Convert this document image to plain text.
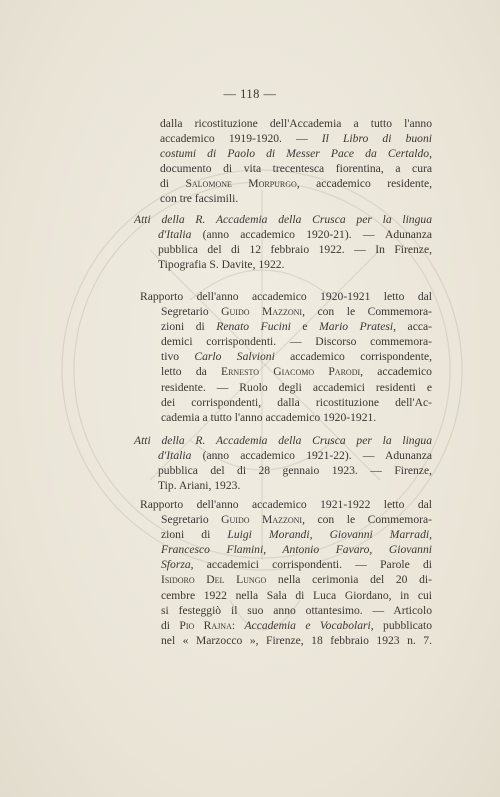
— 118 —
dalla ricostituzione dell'Accademia a tutto l'anno
accademico 1919-1920. — Il Libro di buoni
costumi di Paolo di Messer Pace da Certaldo,
documento di vita trecentesca fiorentina, a cura
di Salomone Morpurgo, accademico residente,
con tre facsimili.
Atti della R. Accademia della Crusca per la lingua
d'Italia (anno accademico 1920-21). — Adunanza
pubblica del di 12 febbraio 1922. — In Firenze,
Tipografia S. Davite, 1922.
Rapporto dell'anno accademico 1920-1921 letto dal
Segretario Guido Mazzoni, con le Commemora-
zioni di Renato Fucini e Mario Pratesi, acca-
demici corrispondenti. — Discorso commemora-
tivo Carlo Salvioni accademico corrispondente,
letto da Ernesto Giacomo Parodi, accademico
residente. — Ruolo degli accademici residenti e
dei corrispondenti, dalla ricostituzione dell'Ac-
cademia a tutto l'anno accademico 1920-1921.
Atti della R. Accademia della Crusca per la lingua
d'Italia (anno accademico 1921-22). — Adunanza
pubblica del di 28 gennaio 1923. — Firenze,
Tip. Ariani, 1923.
Rapporto dell'anno accademico 1921-1922 letto dal
Segretario Guido Mazzoni, con le Commemora-
zioni di Luigi Morandi, Giovanni Marradi,
Francesco Flamini, Antonio Favaro, Giovanni
Sforza, accademici corrispondenti. — Parole di
Isidoro Del Lungo nella cerimonia del 20 di-
cembre 1922 nella Sala di Luca Giordano, in cui
si festeggiò il suo anno ottantesimo. — Articolo
di Pio Rajna: Accademia e Vocabolari, pubblicato
nel « Marzocco », Firenze, 18 febbraio 1923 n. 7.
